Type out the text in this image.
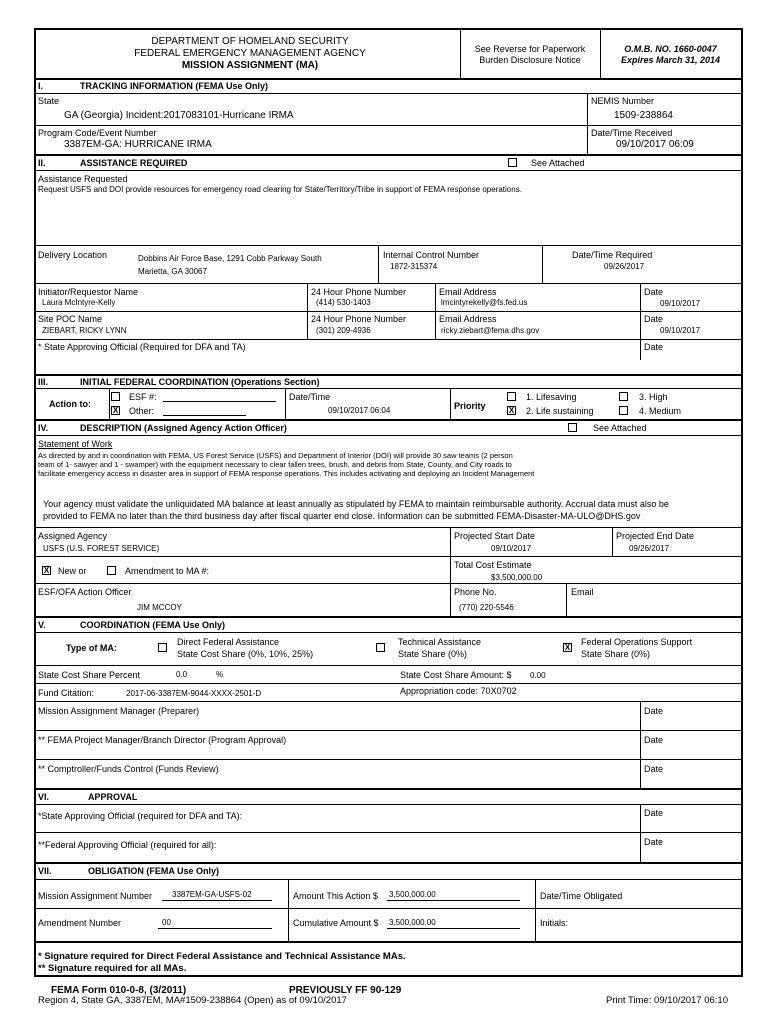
DEPARTMENT OF HOMELAND SECURITY
FEDERAL EMERGENCY MANAGEMENT AGENCY
MISSION ASSIGNMENT (MA)
See Reverse for Paperwork
Burden Disclosure Notice
O.M.B. NO. 1660-0047
Expires March 31, 2014
I.	TRACKING INFORMATION (FEMA Use Only)
State
GA (Georgia) Incident:2017083101-Hurricane IRMA
NEMIS Number
1509-238864
Program Code/Event Number
3387EM-GA: HURRICANE IRMA
Date/Time Received
09/10/2017 06:09
II.	ASSISTANCE REQUIRED	See Attached
Assistance Requested
Request USFS and DOI provide resources for emergency road clearing for State/Territory/Tribe in support of FEMA response operations.
Delivery Location	Dobbins Air Force Base, 1291 Cobb Parkway South
Marietta, GA 30067
Internal Control Number
1872-315374
Date/Time Required
09/26/2017
Initiator/Requestor Name
Laura McIntyre-Kelly
24 Hour Phone Number
(414) 530-1403
Email Address
lmcintyrekelly@fs.fed.us
Date
09/10/2017
Site POC Name
ZIEBART, RICKY LYNN
24 Hour Phone Number
(301) 209-4936
Email Address
ricky.ziebart@fema.dhs.gov
Date
09/10/2017
* State Approving Official (Required for DFA and TA)	Date
III.	INITIAL FEDERAL COORDINATION (Operations Section)
Action to:
ESF #:
X Other:
Date/Time
09/10/2017 06:04	Priority
1. Lifesaving
X 2. Life sustaining
3. High
4. Medium
IV.	DESCRIPTION (Assigned Agency Action Officer)	See Attached
Statement of Work
As directed by and in coordination with FEMA, US Forest Service (USFS) and Department of Interior (DOI) will provide 30 saw teams (2 person
team of 1- sawyer and 1 - swamper) with the equipment necessary to clear fallen trees, brush, and debris from State, County, and City roads to
facilitate emergency access in disaster area in support of FEMA response operations. This includes activating and deploying an Incident Management
Your agency must validate the unliquidated MA balance at least annually as stipulated by FEMA to maintain reimbursable authority. Accrual data must also be
provided to FEMA no later than the third business day after fiscal quarter end close. Information can be submitted FEMA-Disaster-MA-ULO@DHS.gov
Assigned Agency
USFS (U.S. FOREST SERVICE)
Projected Start Date
09/10/2017
Projected End Date
09/26/2017
X New or	Amendment to MA #:
Total Cost Estimate
$3,500,000.00
ESF/OFA Action Officer
JIM MCCOY
Phone No.
(770) 220-5546
Email
V.	COORDINATION (FEMA Use Only)
Type of MA:
Direct Federal Assistance
State Cost Share (0%, 10%, 25%)
Technical Assistance
State Share (0%)
X
Federal Operations Support
State Share (0%)
State Cost Share Percent	0.0	%	State Cost Share Amount: $ 0.00
Fund Citation:	2017-06-3387EM-9044-XXXX-2501-D	Appropriation code: 70X0702
Mission Assignment Manager (Preparer)	Date
** FEMA Project Manager/Branch Director (Program Approval)	Date
** Comptroller/Funds Control (Funds Review)	Date
VI.	APPROVAL
*State Approving Official (required for DFA and TA):	Date
**Federal Approving Official (required for all):	Date
VII.	OBLIGATION (FEMA Use Only)
Mission Assignment Number 3387EM-GA-USFS-02	Amount This Action $ 3,500,000.00	Date/Time Obligated
Amendment Number	00	Cumulative Amount $ 3,500,000.00	Initials:
* Signature required for Direct Federal Assistance and Technical Assistance MAs.
** Signature required for all MAs.
FEMA Form 010-0-8, (3/2011)	PREVIOUSLY FF 90-129
Region 4, State GA, 3387EM, MA#1509-238864 (Open) as of 09/10/2017	Print Time: 09/10/2017 06:10
